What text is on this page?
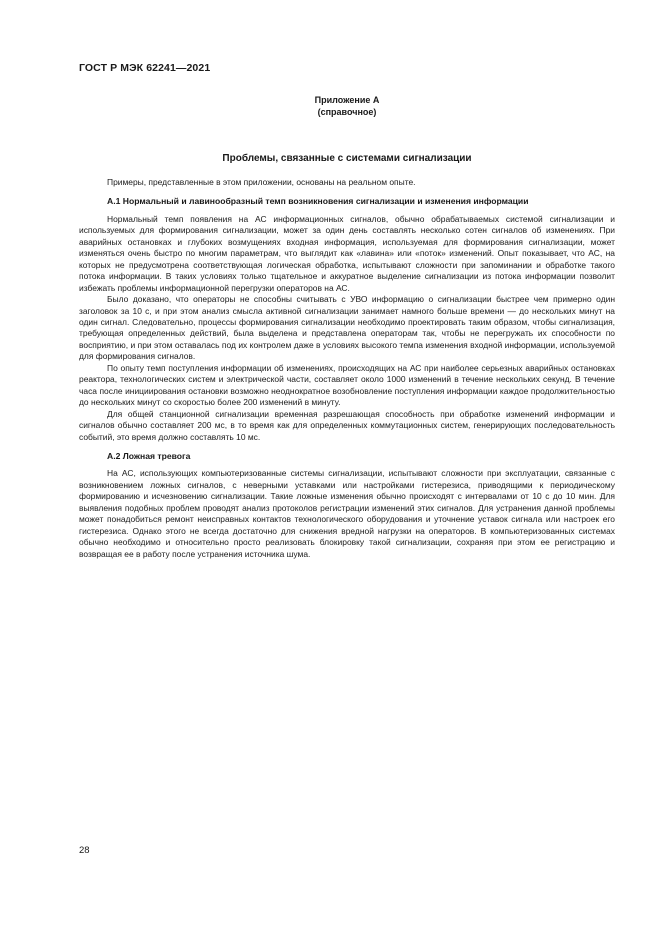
ГОСТ Р МЭК 62241—2021
Приложение А
(справочное)
Проблемы, связанные с системами сигнализации

Примеры, представленные в этом приложении, основаны на реальном опыте.

А.1 Нормальный и лавинообразный темп возникновения сигнализации и изменения информации

Нормальный темп появления на АС информационных сигналов, обычно обрабатываемых системой сигнализации и используемых для формирования сигнализации, может за один день составлять несколько сотен сигналов об изменениях. При аварийных остановках и глубоких возмущениях входная информация, используемая для формирования сигнализации, может изменяться очень быстро по многим параметрам, что выглядит как «лавина» или «поток» изменений. Опыт показывает, что АС, на которых не предусмотрена соответствующая логическая обработка, испытывают сложности при запоминании и обработке такого потока информации. В таких условиях только тщательное и аккуратное выделение сигнализации из потока информации позволит избежать проблемы информационной перегрузки операторов на АС.

Было доказано, что операторы не способны считывать с УВО информацию о сигнализации быстрее чем примерно один заголовок за 10 с, и при этом анализ смысла активной сигнализации занимает намного больше времени — до нескольких минут на один сигнал. Следовательно, процессы формирования сигнализации необходимо проектировать таким образом, чтобы сигнализация, требующая определенных действий, была выделена и представлена операторам так, чтобы не перегружать их способности по восприятию, и при этом оставалась под их контролем даже в условиях высокого темпа изменения входной информации, используемой для формирования сигналов.

По опыту темп поступления информации об изменениях, происходящих на АС при наиболее серьезных аварийных остановках реактора, технологических систем и электрической части, составляет около 1000 изменений в течение нескольких секунд. В течение часа после инициирования остановки возможно неоднократное возобновление поступления информации каждое продолжительностью до нескольких минут со скоростью более 200 изменений в минуту.

Для общей станционной сигнализации временная разрешающая способность при обработке изменений информации и сигналов обычно составляет 200 мс, в то время как для определенных коммутационных систем, генерирующих последовательность событий, это время должно составлять 10 мс.

А.2 Ложная тревога

На АС, использующих компьютеризованные системы сигнализации, испытывают сложности при эксплуатации, связанные с возникновением ложных сигналов, с неверными уставками или настройками гистерезиса, приводящими к периодическому формированию и исчезновению сигнализации. Такие ложные изменения обычно происходят с интервалами от 10 с до 10 мин. Для выявления подобных проблем проводят анализ протоколов регистрации изменений этих сигналов. Для устранения данной проблемы может понадобиться ремонт неисправных контактов технологического оборудования и уточнение уставок сигнала или настроек его гистерезиса. Однако этого не всегда достаточно для снижения вредной нагрузки на операторов. В компьютеризованных системах обычно необходимо и относительно просто реализовать блокировку такой сигнализации, сохраняя при этом ее регистрацию и возвращая ее в работу после устранения источника шума.

28
